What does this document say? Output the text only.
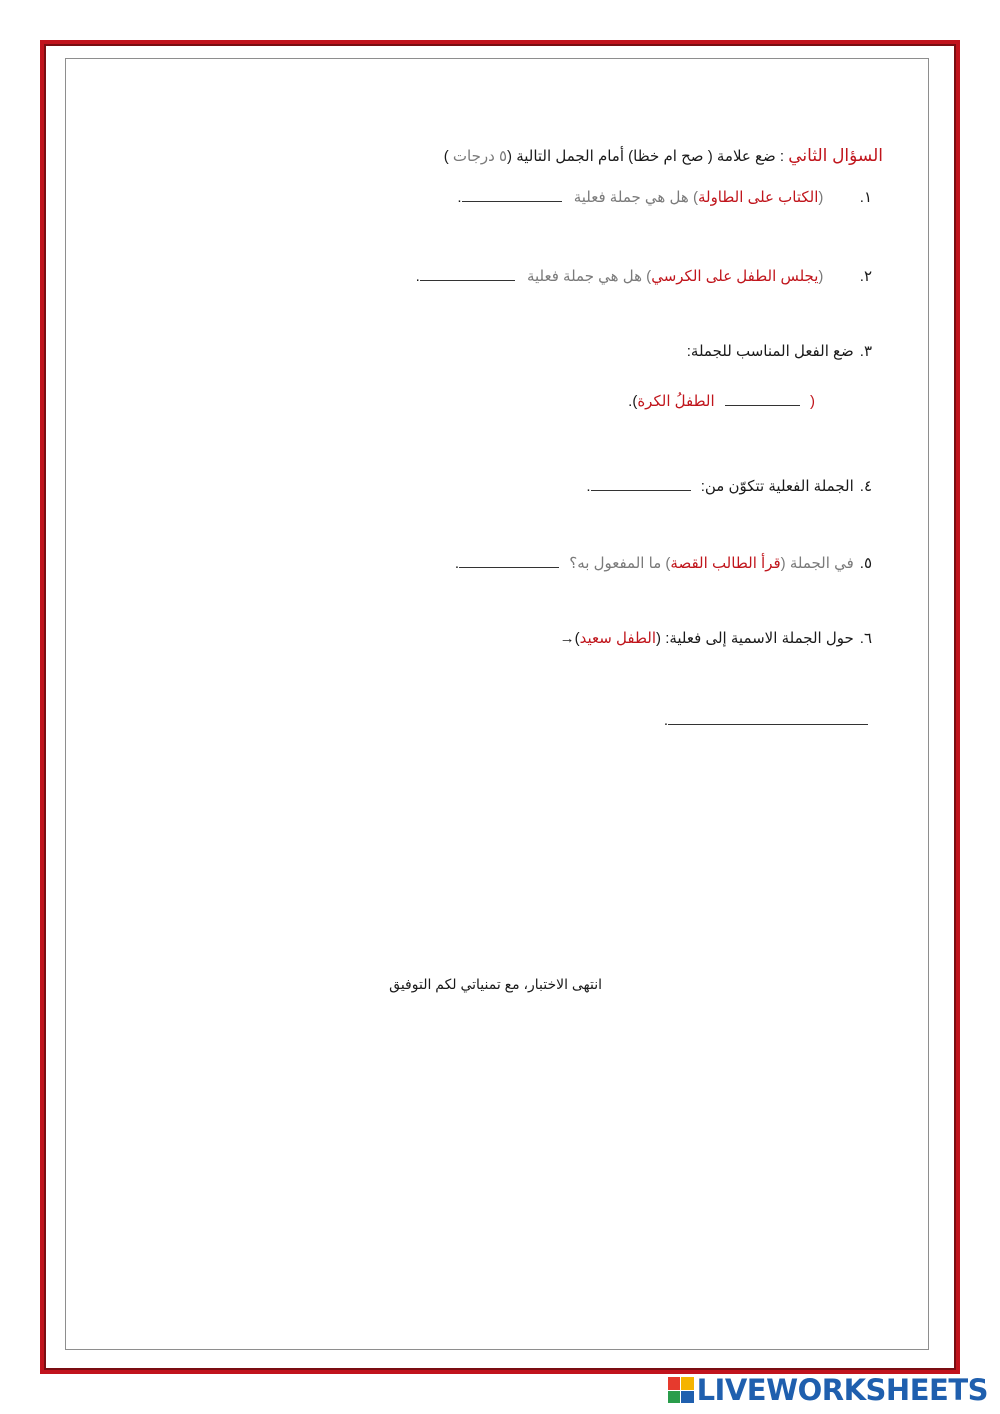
السؤال الثاني : ضع علامة ( صح ام خظا) أمام الجمل التالية (٥ درجات )
١.  (الكتاب على الطاولة) هل هي جملة فعلية .
٢.  (يجلس الطفل على الكرسي) هل هي جملة فعلية .
٣.ضع الفعل المناسب للجملة:
(  الطفلُ الكرة).
٤.الجملة الفعلية تتكوّن من: .
٥.في الجملة (قرأ الطالب القصة) ما المفعول به؟ .
٦.حول الجملة الاسمية إلى فعلية: (الطفل سعيد)→
.
انتهى الاختبار، مع تمنياتي لكم التوفيق
LIVEWORKSHEETS
